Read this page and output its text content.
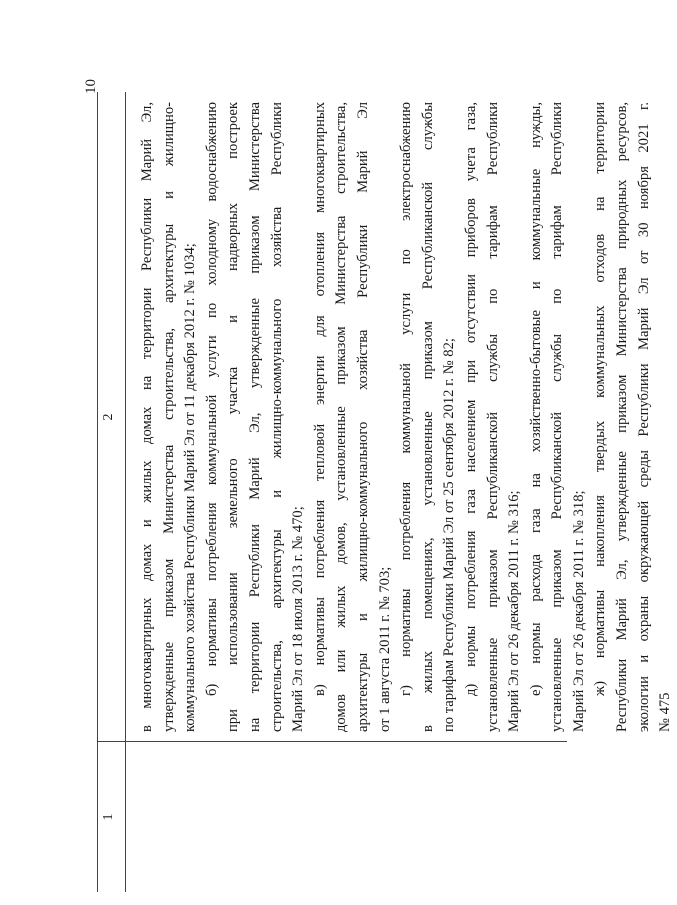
10
1
2 в многоквартирных домах и жилых домах на территории Республики Марий Эл, утвержденные приказом Министерства строительства, архитектуры и жилищно- коммунального хозяйства Республики Марий Эл от 11 декабря 2012 г. № 1034; б) нормативы потребления коммунальной услуги по холодному водоснабжению при использовании земельного участка и надворных построек на территории Республики Марий Эл, утвержденные приказом Министерства строительства, архитектуры и жилищно-коммунального хозяйства Республики Марий Эл от 18 июля 2013 г. № 470; в) нормативы потребления тепловой энергии для отопления многоквартирных домов или жилых домов, установленные приказом Министерства строительства, архитектуры и жилищно-коммунального хозяйства Республики Марий Эл от 1 августа 2011 г. № 703; г) нормативы потребления коммунальной услуги по электроснабжению в жилых помещениях, установленные приказом Республиканской службы по тарифам Республики Марий Эл от 25 сентября 2012 г. № 82; д) нормы потребления газа населением при отсутствии приборов учета газа, установленные приказом Республиканской службы по тарифам Республики Марий Эл от 26 декабря 2011 г. № 316; е) нормы расхода газа на хозяйственно-бытовые и коммунальные нужды, установленные приказом Республиканской службы по тарифам Республики Марий Эл от 26 декабря 2011 г. № 318; ж) нормативы накопления твердых коммунальных отходов на территории Республики Марий Эл, утвержденные приказом Министерства природных ресурсов, экологии и охраны окружающей среды Республики Марий Эл от 30 ноября 2021 г. № 475
